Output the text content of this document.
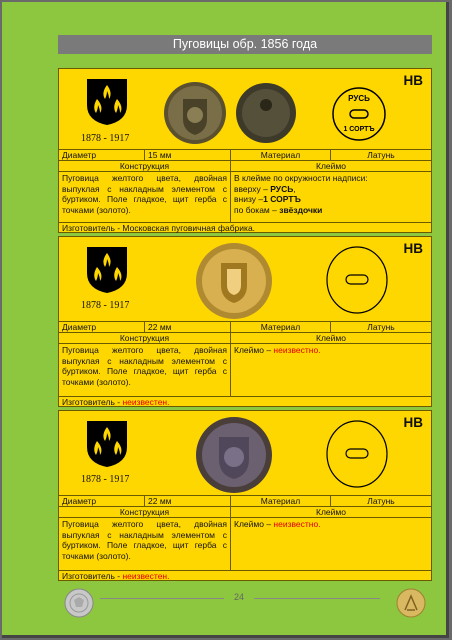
Пуговицы обр. 1856 года
1878 - 1917
РУСЬ
1 СОРТЪ
НВ
Диаметр	15 мм	Материал	Латунь
Конструкция	Клеймо
Пуговица желтого цвета, двойная выпуклая с накладным элементом с буртиком. Поле гладкое, щит герба с точками (золото).
В клейме по окружности надписи:
вверху – РУСЬ,
внизу –1 СОРТЪ
по бокам – звёздочки
Изготовитель - Московская пуговичная фабрика.
1878 - 1917
НВ
Диаметр	22 мм	Материал	Латунь
Конструкция	Клеймо
Пуговица желтого цвета, двойная выпуклая с накладным элементом с буртиком. Поле гладкое, щит герба с точками (золото).
Клеймо – неизвестно.
Изготовитель - неизвестен.
1878 - 1917
НВ
Диаметр	22 мм	Материал	Латунь
Конструкция	Клеймо
Пуговица желтого цвета, двойная выпуклая с накладным элементом с буртиком. Поле гладкое, щит герба с точками (золото).
Клеймо – неизвестно.
Изготовитель - неизвестен.
24
